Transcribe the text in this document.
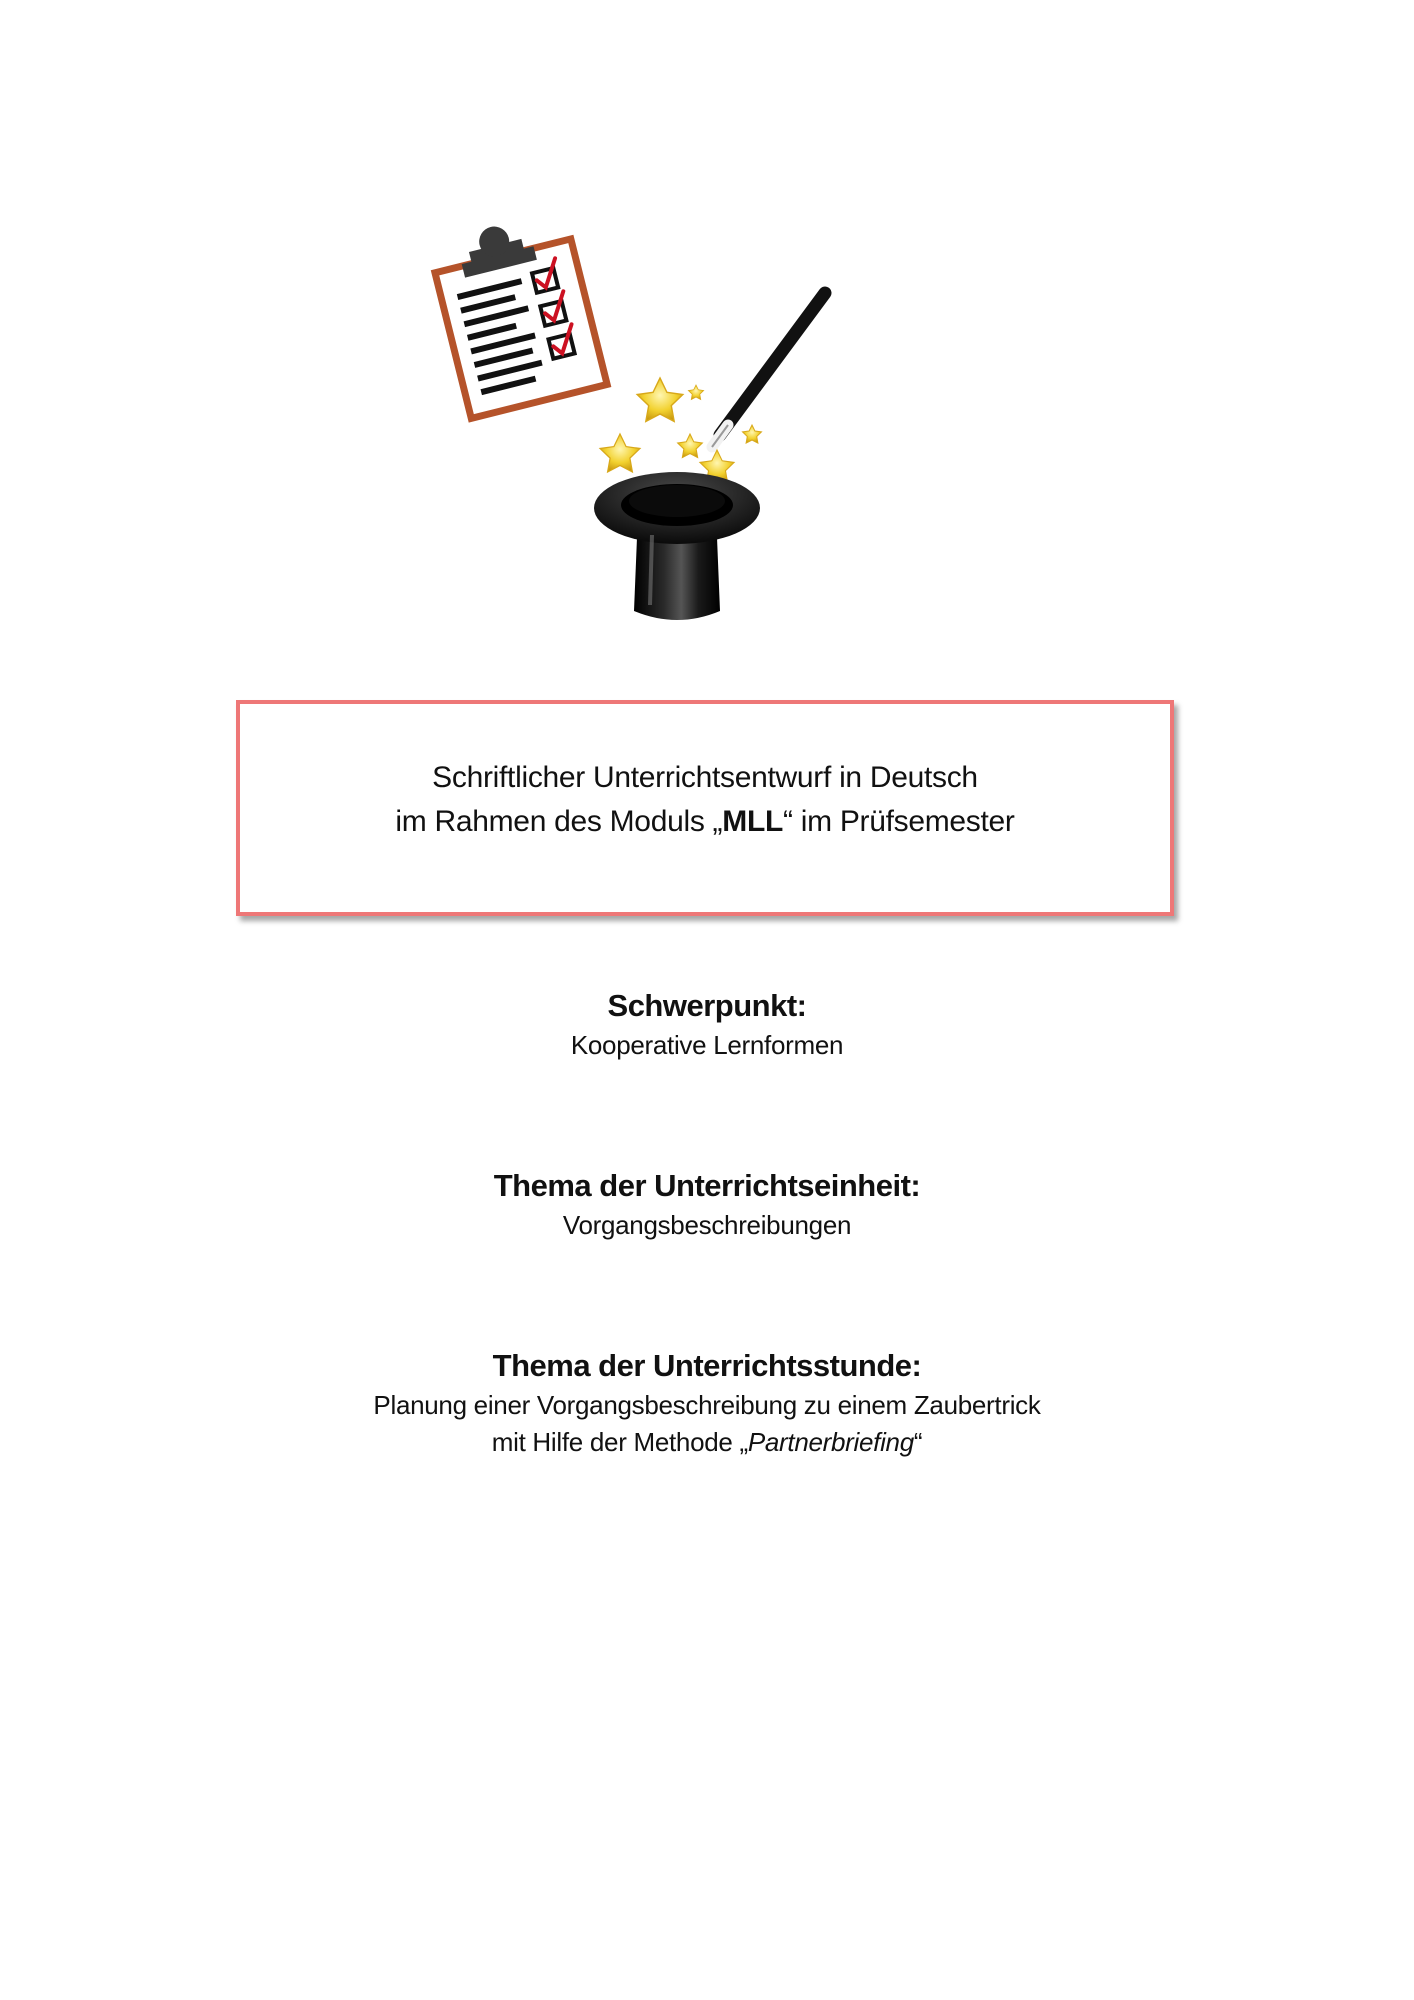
Schriftlicher Unterrichtsentwurf in Deutsch
im Rahmen des Moduls „MLL“ im Prüfsemester
Schwerpunkt:
Kooperative Lernformen
Thema der Unterrichtseinheit:
Vorgangsbeschreibungen
Thema der Unterrichtsstunde:
Planung einer Vorgangsbeschreibung zu einem Zaubertrick
mit Hilfe der Methode „Partnerbriefing“
